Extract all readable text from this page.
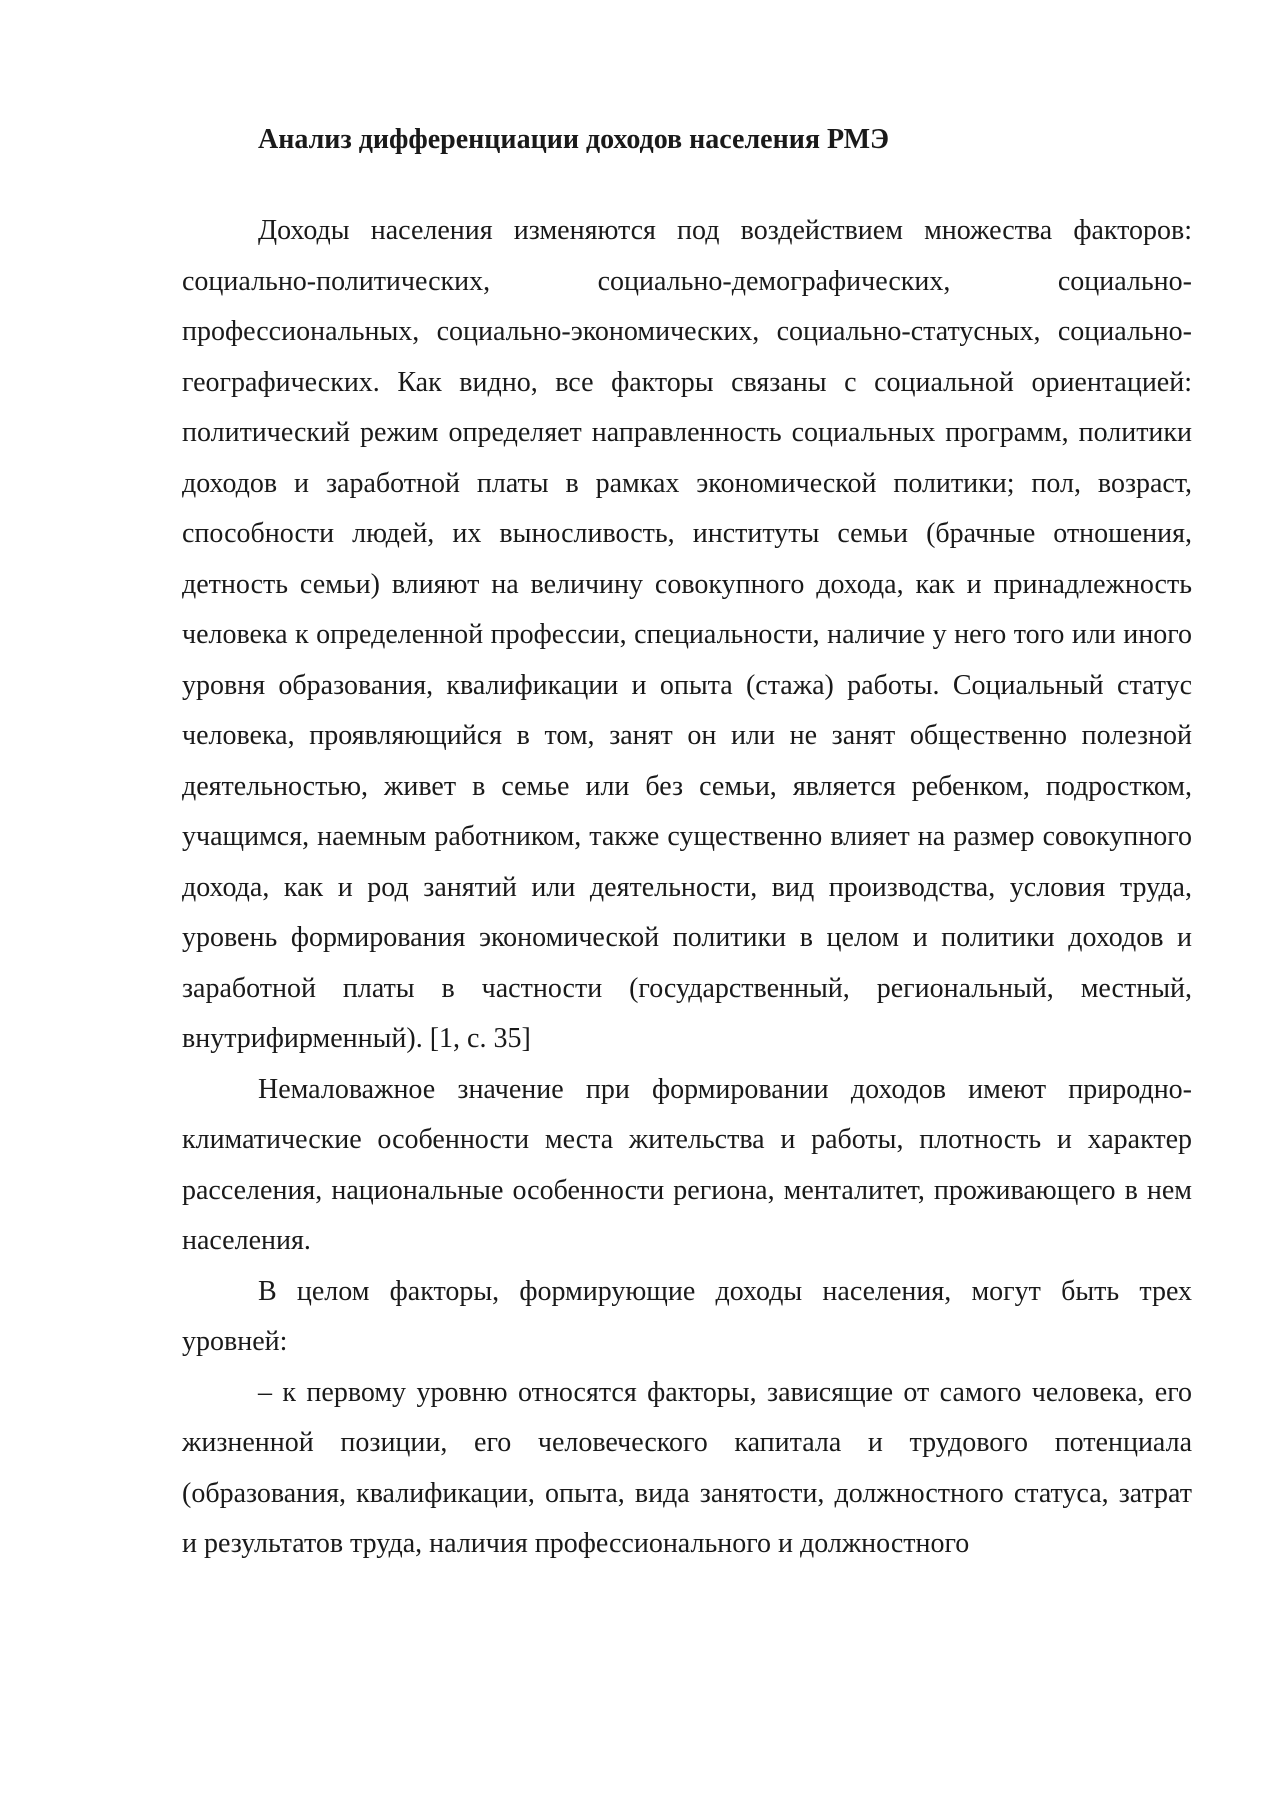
Анализ дифференциации доходов населения РМЭ

Доходы населения изменяются под воздействием множества факторов: социально-политических, социально-демографических, социально-профессиональных, социально-экономических, социально-статусных, социально-географических. Как видно, все факторы связаны с социальной ориентацией: политический режим определяет направленность социальных программ, политики доходов и заработной платы в рамках экономической политики; пол, возраст, способности людей, их выносливость, институты семьи (брачные отношения, детность семьи) влияют на величину совокупного дохода, как и принадлежность человека к определенной профессии, специальности, наличие у него того или иного уровня образования, квалификации и опыта (стажа) работы. Социальный статус человека, проявляющийся в том, занят он или не занят общественно полезной деятельностью, живет в семье или без семьи, является ребенком, подростком, учащимся, наемным работником, также существенно влияет на размер совокупного дохода, как и род занятий или деятельности, вид производства, условия труда, уровень формирования экономической политики в целом и политики доходов и заработной платы в частности (государственный, региональный, местный, внутрифирменный). [1, с. 35]

Немаловажное значение при формировании доходов имеют природно-климатические особенности места жительства и работы, плотность и характер расселения, национальные особенности региона, менталитет, проживающего в нем населения.

В целом факторы, формирующие доходы населения, могут быть трех уровней:

– к первому уровню относятся факторы, зависящие от самого человека, его жизненной позиции, его человеческого капитала и трудового потенциала (образования, квалификации, опыта, вида занятости, должностного статуса, затрат и результатов труда, наличия профессионального и должностного
